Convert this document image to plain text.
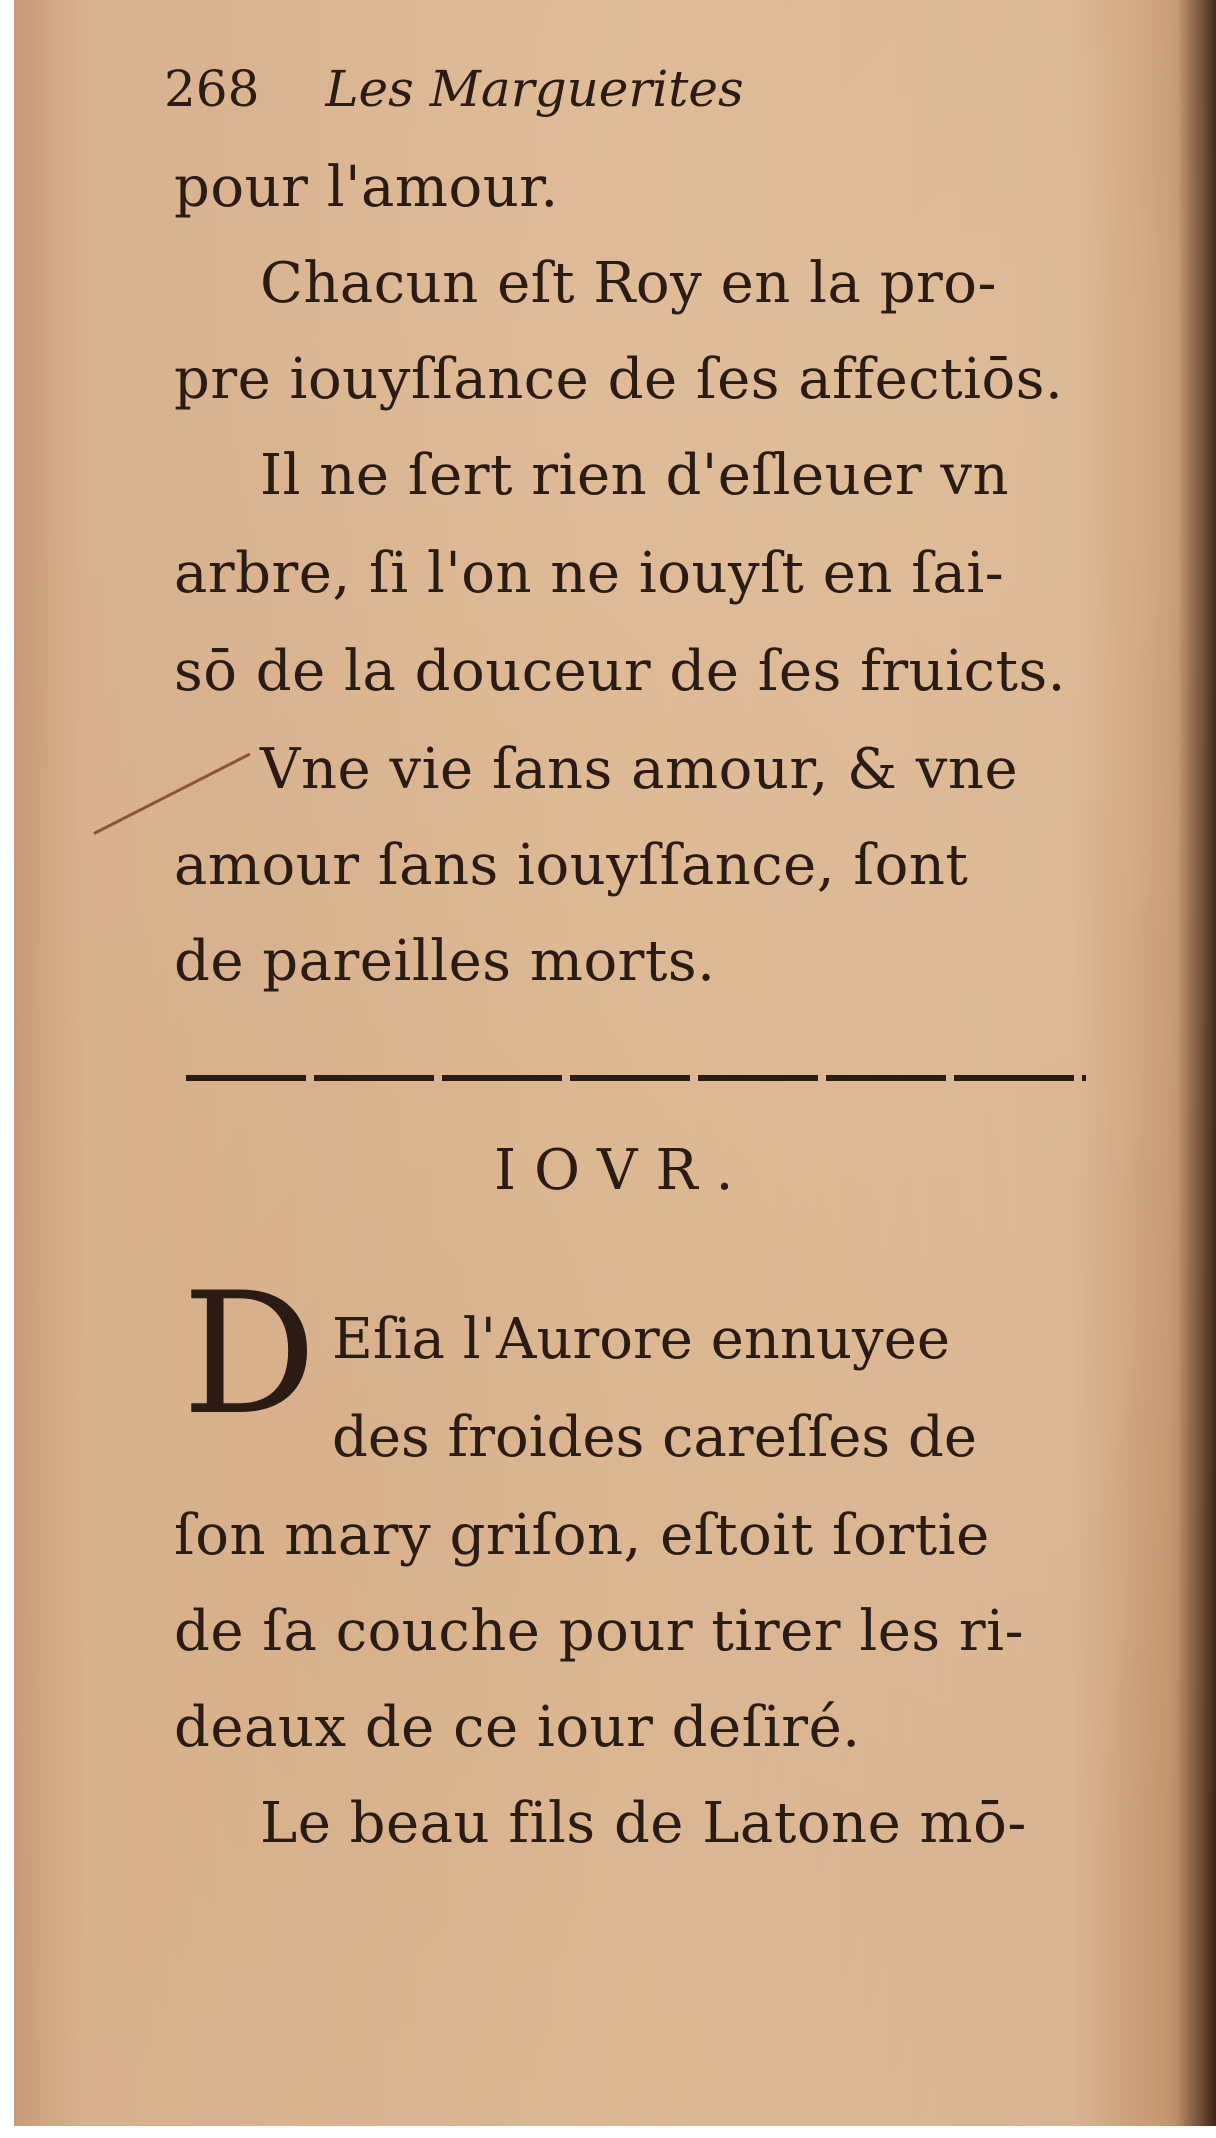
268 Les Marguerites
pour l'amour.
Chacun eſt Roy en la pro-
pre iouyſſance de ſes affectiōs.
Il ne ſert rien d'eſleuer vn
arbre, ſi l'on ne iouyſt en ſai-
sō de la douceur de ſes fruicts.
Vne vie ſans amour, & vne
amour ſans iouyſſance, ſont
de pareilles morts.
IOVR.
D Eſia l'Aurore ennuyee
des froides careſſes de
ſon mary griſon, eſtoit ſortie
de ſa couche pour tirer les ri-
deaux de ce iour deſiré.
Le beau fils de Latone mō-
